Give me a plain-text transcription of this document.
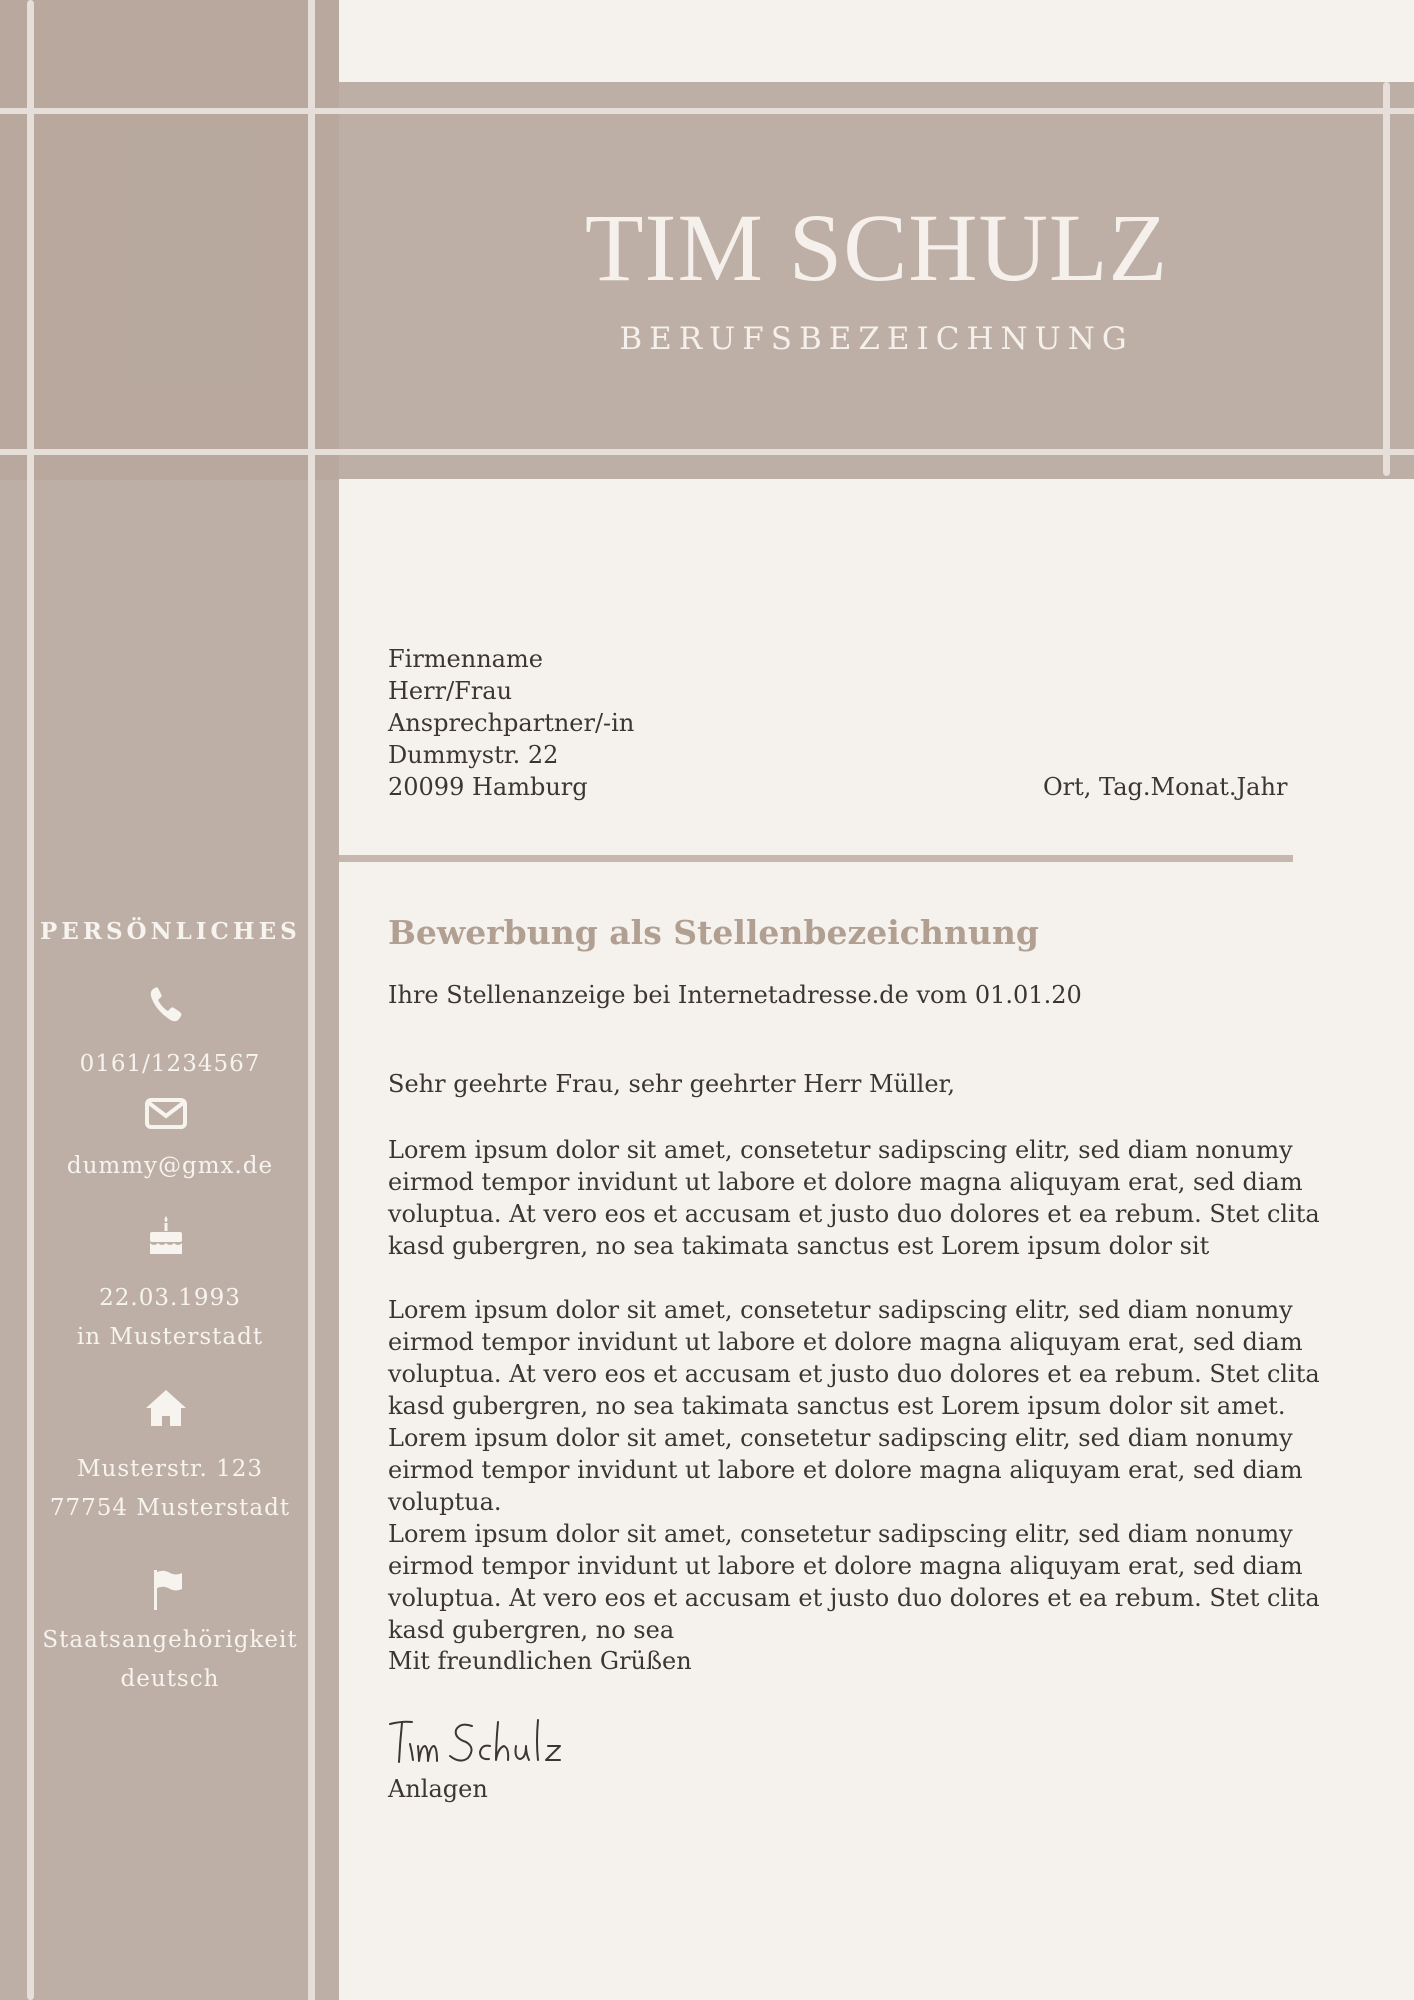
TIM SCHULZ
BERUFSBEZEICHNUNG
PERSÖNLICHES
0161/1234567
dummy@gmx.de
22.03.1993
in Musterstadt
Musterstr. 123
77754 Musterstadt
Staatsangehörigkeit
deutsch
Firmenname
Herr/Frau
Ansprechpartner/-in
Dummystr. 22
20099 Hamburg	Ort, Tag.Monat.Jahr
Bewerbung als Stellenbezeichnung
Ihre Stellenanzeige bei Internetadresse.de vom 01.01.20
Sehr geehrte Frau, sehr geehrter Herr Müller,
Lorem ipsum dolor sit amet, consetetur sadipscing elitr, sed diam nonumy eirmod tempor invidunt ut labore et dolore magna aliquyam erat, sed diam voluptua. At vero eos et accusam et justo duo dolores et ea rebum. Stet clita kasd gubergren, no sea takimata sanctus est Lorem ipsum dolor sit
Lorem ipsum dolor sit amet, consetetur sadipscing elitr, sed diam nonumy eirmod tempor invidunt ut labore et dolore magna aliquyam erat, sed diam voluptua. At vero eos et accusam et justo duo dolores et ea rebum. Stet clita kasd gubergren, no sea takimata sanctus est Lorem ipsum dolor sit amet. Lorem ipsum dolor sit amet, consetetur sadipscing elitr, sed diam nonumy eirmod tempor invidunt ut labore et dolore magna aliquyam erat, sed diam voluptua.
Lorem ipsum dolor sit amet, consetetur sadipscing elitr, sed diam nonumy eirmod tempor invidunt ut labore et dolore magna aliquyam erat, sed diam voluptua. At vero eos et accusam et justo duo dolores et ea rebum. Stet clita kasd gubergren, no sea
Mit freundlichen Grüßen
Anlagen
